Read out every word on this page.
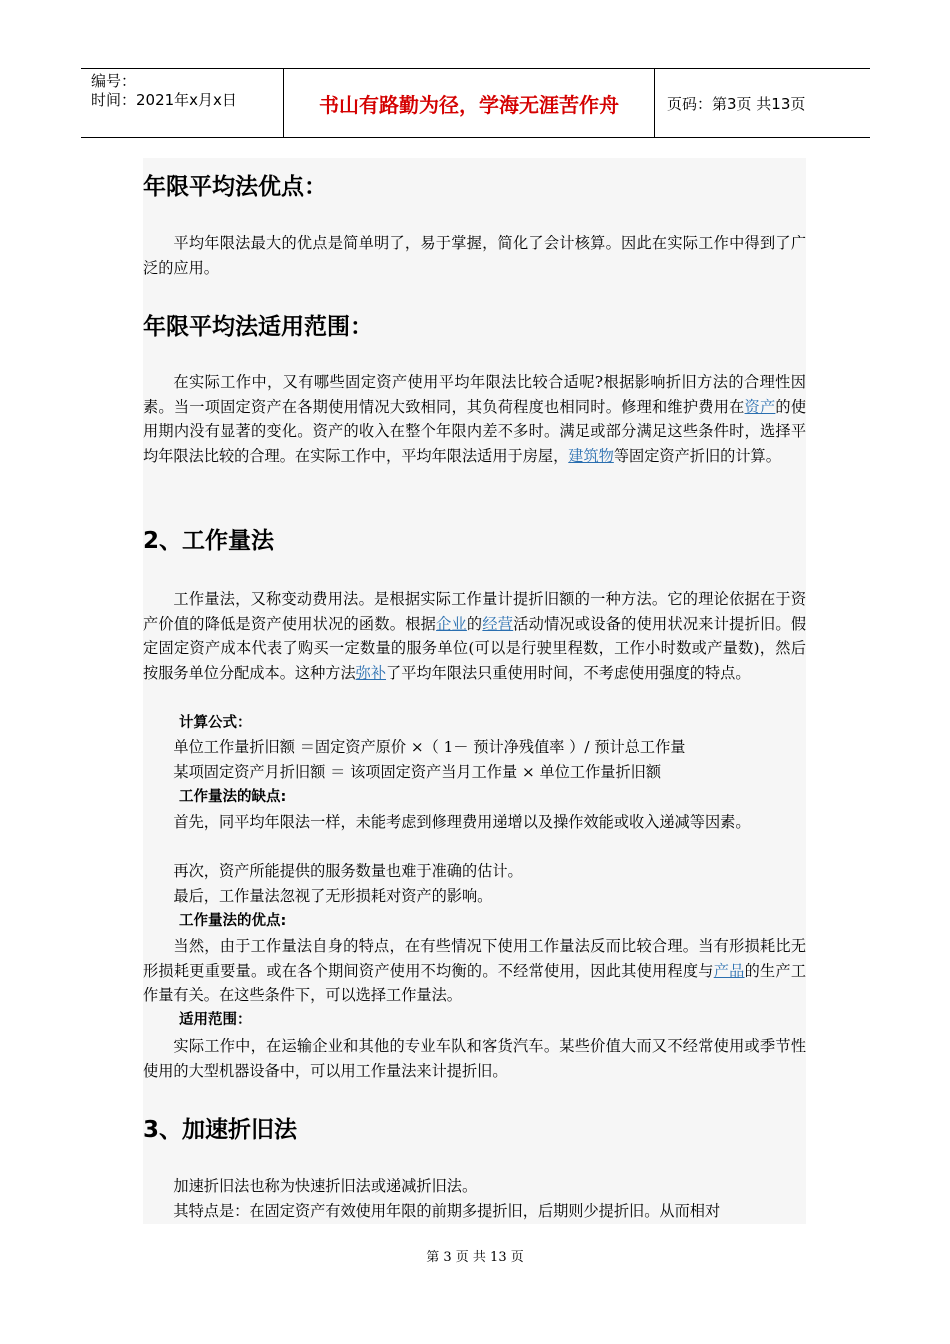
编号：
时间：2021年x月x日	书山有路勤为径，学海无涯苦作舟	页码：第3页 共13页
年限平均法优点：

平均年限法最大的优点是简单明了，易于掌握，简化了会计核算。因此在实际工作中得到了广泛的应用。

年限平均法适用范围：

在实际工作中，又有哪些固定资产使用平均年限法比较合适呢?根据影响折旧方法的合理性因素。当一项固定资产在各期使用情况大致相同，其负荷程度也相同时。修理和维护费用在资产的使用期内没有显著的变化。资产的收入在整个年限内差不多时。满足或部分满足这些条件时，选择平均年限法比较的合理。在实际工作中，平均年限法适用于房屋，建筑物等固定资产折旧的计算。

2、工作量法

工作量法，又称变动费用法。是根据实际工作量计提折旧额的一种方法。它的理论依据在于资产价值的降低是资产使用状况的函数。根据企业的经营活动情况或设备的使用状况来计提折旧。假定固定资产成本代表了购买一定数量的服务单位(可以是行驶里程数，工作小时数或产量数)，然后按服务单位分配成本。这种方法弥补了平均年限法只重使用时间，不考虑使用强度的特点。

计算公式：

单位工作量折旧额 ＝固定资产原价 ×（ 1－ 预计净残值率 ）/ 预计总工作量

某项固定资产月折旧额 ＝ 该项固定资产当月工作量 × 单位工作量折旧额

工作量法的缺点:

首先，同平均年限法一样，未能考虑到修理费用递增以及操作效能或收入递减等因素。

再次，资产所能提供的服务数量也难于准确的估计。

最后，工作量法忽视了无形损耗对资产的影响。

工作量法的优点:

当然，由于工作量法自身的特点，在有些情况下使用工作量法反而比较合理。当有形损耗比无形损耗更重要量。或在各个期间资产使用不均衡的。不经常使用，因此其使用程度与产品的生产工作量有关。在这些条件下，可以选择工作量法。

适用范围：

实际工作中，在运输企业和其他的专业车队和客货汽车。某些价值大而又不经常使用或季节性使用的大型机器设备中，可以用工作量法来计提折旧。

3、加速折旧法

加速折旧法也称为快速折旧法或递减折旧法。

其特点是：在固定资产有效使用年限的前期多提折旧，后期则少提折旧。从而相对

第 3 页 共 13 页
